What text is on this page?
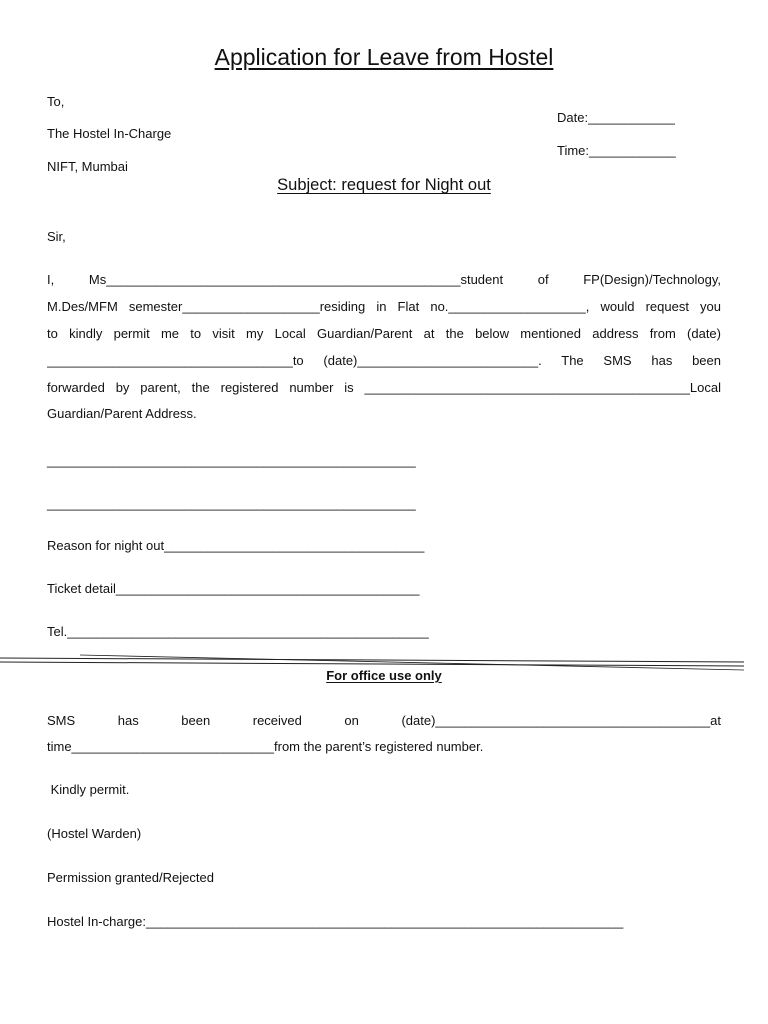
Application for Leave from Hostel
To,
The Hostel In-Charge
NIFT, Mumbai
Date:____________
Time:____________
Subject: request for Night out
Sir,
I, Ms_________________________________________________student of FP(Design)/Technology,
M.Des/MFM semester___________________residing in Flat no.___________________, would request you
to kindly permit me to visit my Local Guardian/Parent at the below mentioned address from (date)
__________________________________to (date)_________________________. The SMS has been
forwarded by parent, the registered number is _____________________________________________Local
Guardian/Parent Address.
___________________________________________________
___________________________________________________
Reason for night out____________________________________
Ticket detail__________________________________________
Tel.__________________________________________________
For office use only
SMS has been received on (date)______________________________________at
time____________________________from the parent’s registered number.
Kindly permit.
(Hostel Warden)
Permission granted/Rejected
Hostel In-charge:__________________________________________________________________
